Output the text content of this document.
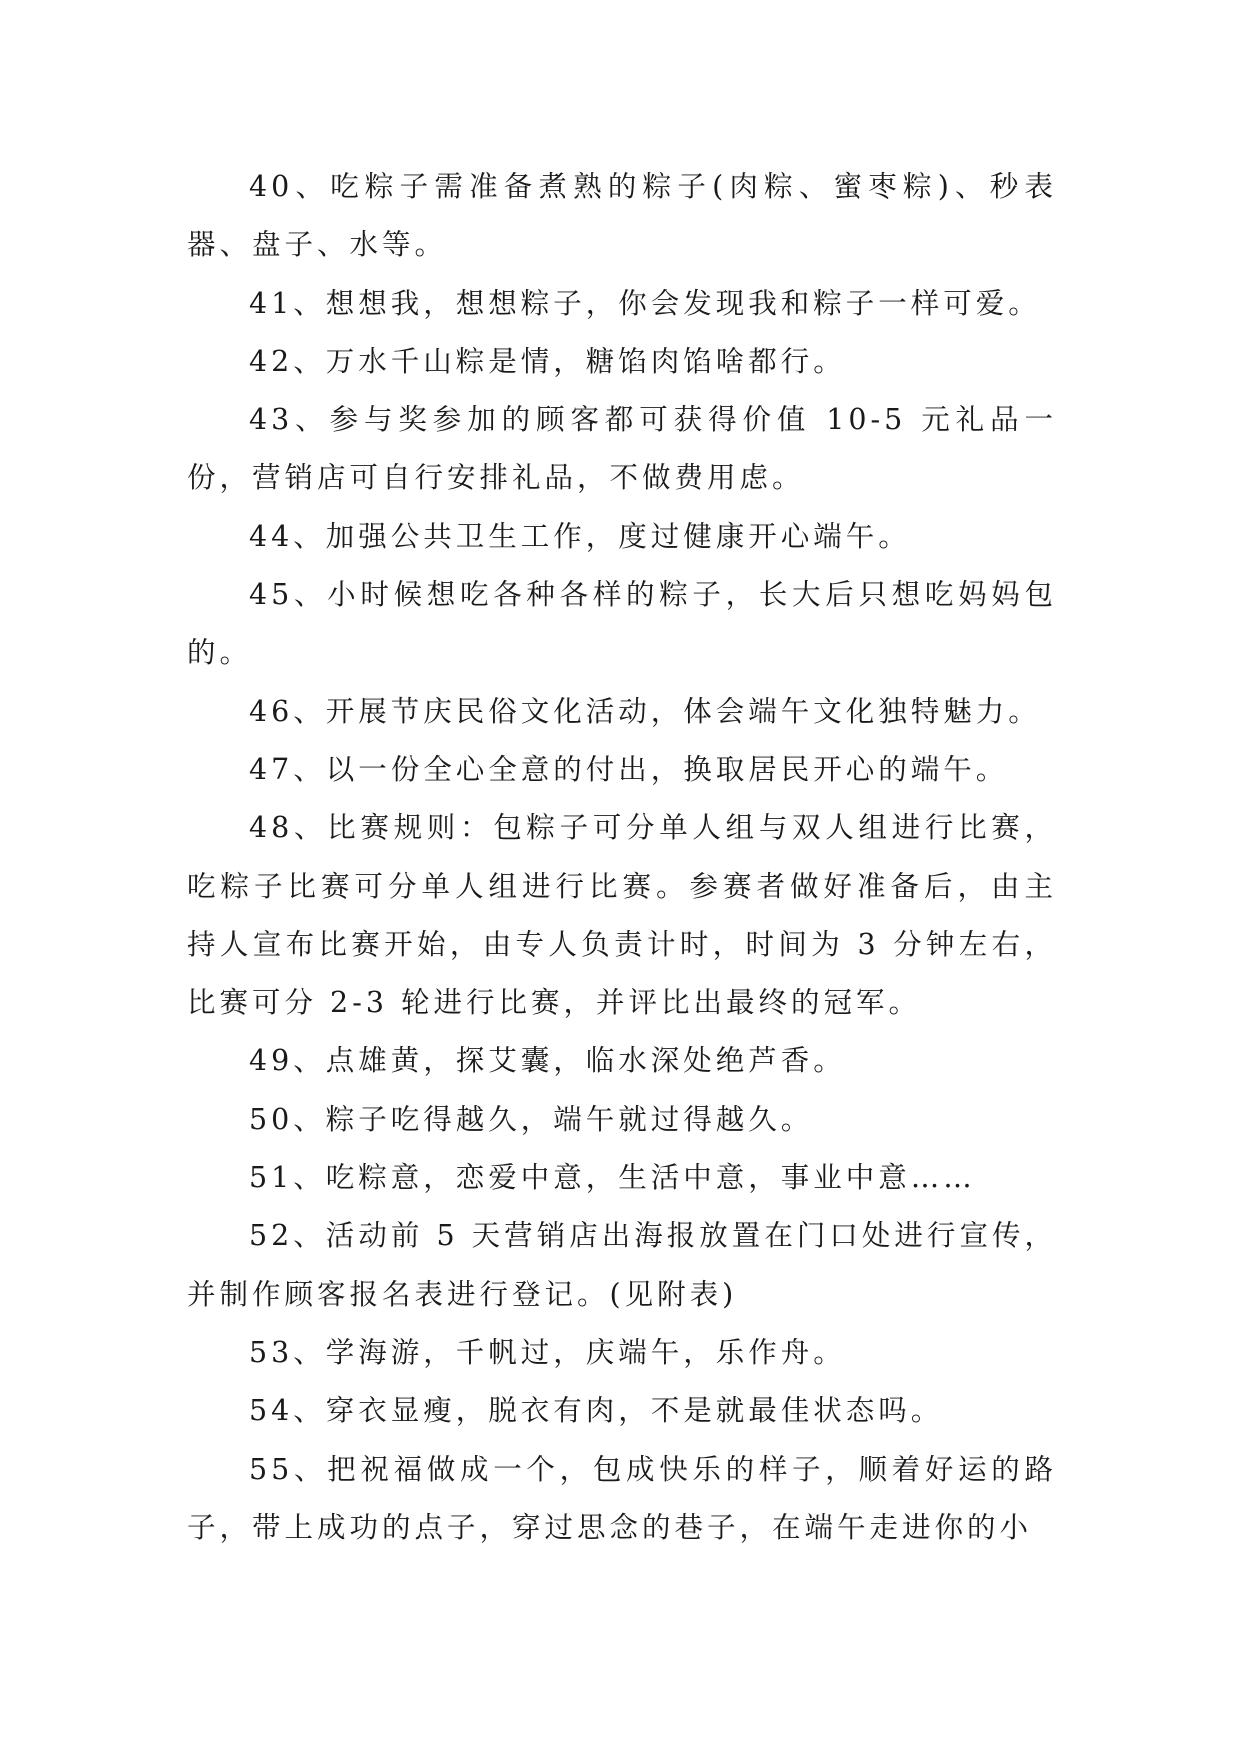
40、吃粽子需准备煮熟的粽子(肉粽、蜜枣粽)、秒表器、盘子、水等。

41、想想我，想想粽子，你会发现我和粽子一样可爱。

42、万水千山粽是情，糖馅肉馅啥都行。

43、参与奖参加的顾客都可获得价值 10-5 元礼品一份，营销店可自行安排礼品，不做费用虑。

44、加强公共卫生工作，度过健康开心端午。

45、小时候想吃各种各样的粽子，长大后只想吃妈妈包的。

46、开展节庆民俗文化活动，体会端午文化独特魅力。

47、以一份全心全意的付出，换取居民开心的端午。

48、比赛规则：包粽子可分单人组与双人组进行比赛，吃粽子比赛可分单人组进行比赛。参赛者做好准备后，由主持人宣布比赛开始，由专人负责计时，时间为 3 分钟左右，比赛可分 2-3 轮进行比赛，并评比出最终的冠军。

49、点雄黄，探艾囊，临水深处绝芦香。

50、粽子吃得越久，端午就过得越久。

51、吃粽意，恋爱中意，生活中意，事业中意……

52、活动前 5 天营销店出海报放置在门口处进行宣传，并制作顾客报名表进行登记。(见附表)

53、学海游，千帆过，庆端午，乐作舟。

54、穿衣显瘦，脱衣有肉，不是就最佳状态吗。

55、把祝福做成一个，包成快乐的样子，顺着好运的路子，带上成功的点子，穿过思念的巷子，在端午走进你的小
